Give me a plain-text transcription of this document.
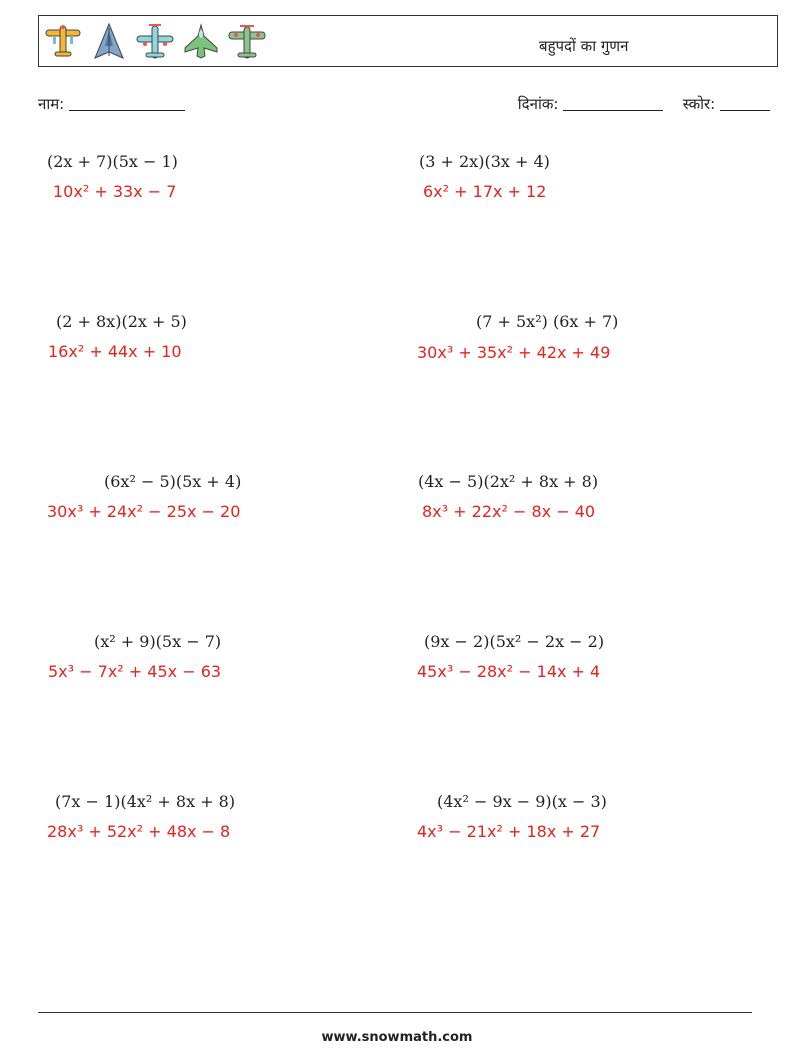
बहुपदों का गुणन
नाम:	दिनांक:	स्कोर:
(2x + 7)(5x − 1)
10x² + 33x − 7
(3 + 2x)(3x + 4)
6x² + 17x + 12
(2 + 8x)(2x + 5)
16x² + 44x + 10
(7 + 5x²) (6x + 7)
30x³ + 35x² + 42x + 49
(6x² − 5)(5x + 4)
30x³ + 24x² − 25x − 20
(4x − 5)(2x² + 8x + 8)
8x³ + 22x² − 8x − 40
(x² + 9)(5x − 7)
5x³ − 7x² + 45x − 63
(9x − 2)(5x² − 2x − 2)
45x³ − 28x² − 14x + 4
(7x − 1)(4x² + 8x + 8)
28x³ + 52x² + 48x − 8
(4x² − 9x − 9)(x − 3)
4x³ − 21x² + 18x + 27
www.snowmath.com
